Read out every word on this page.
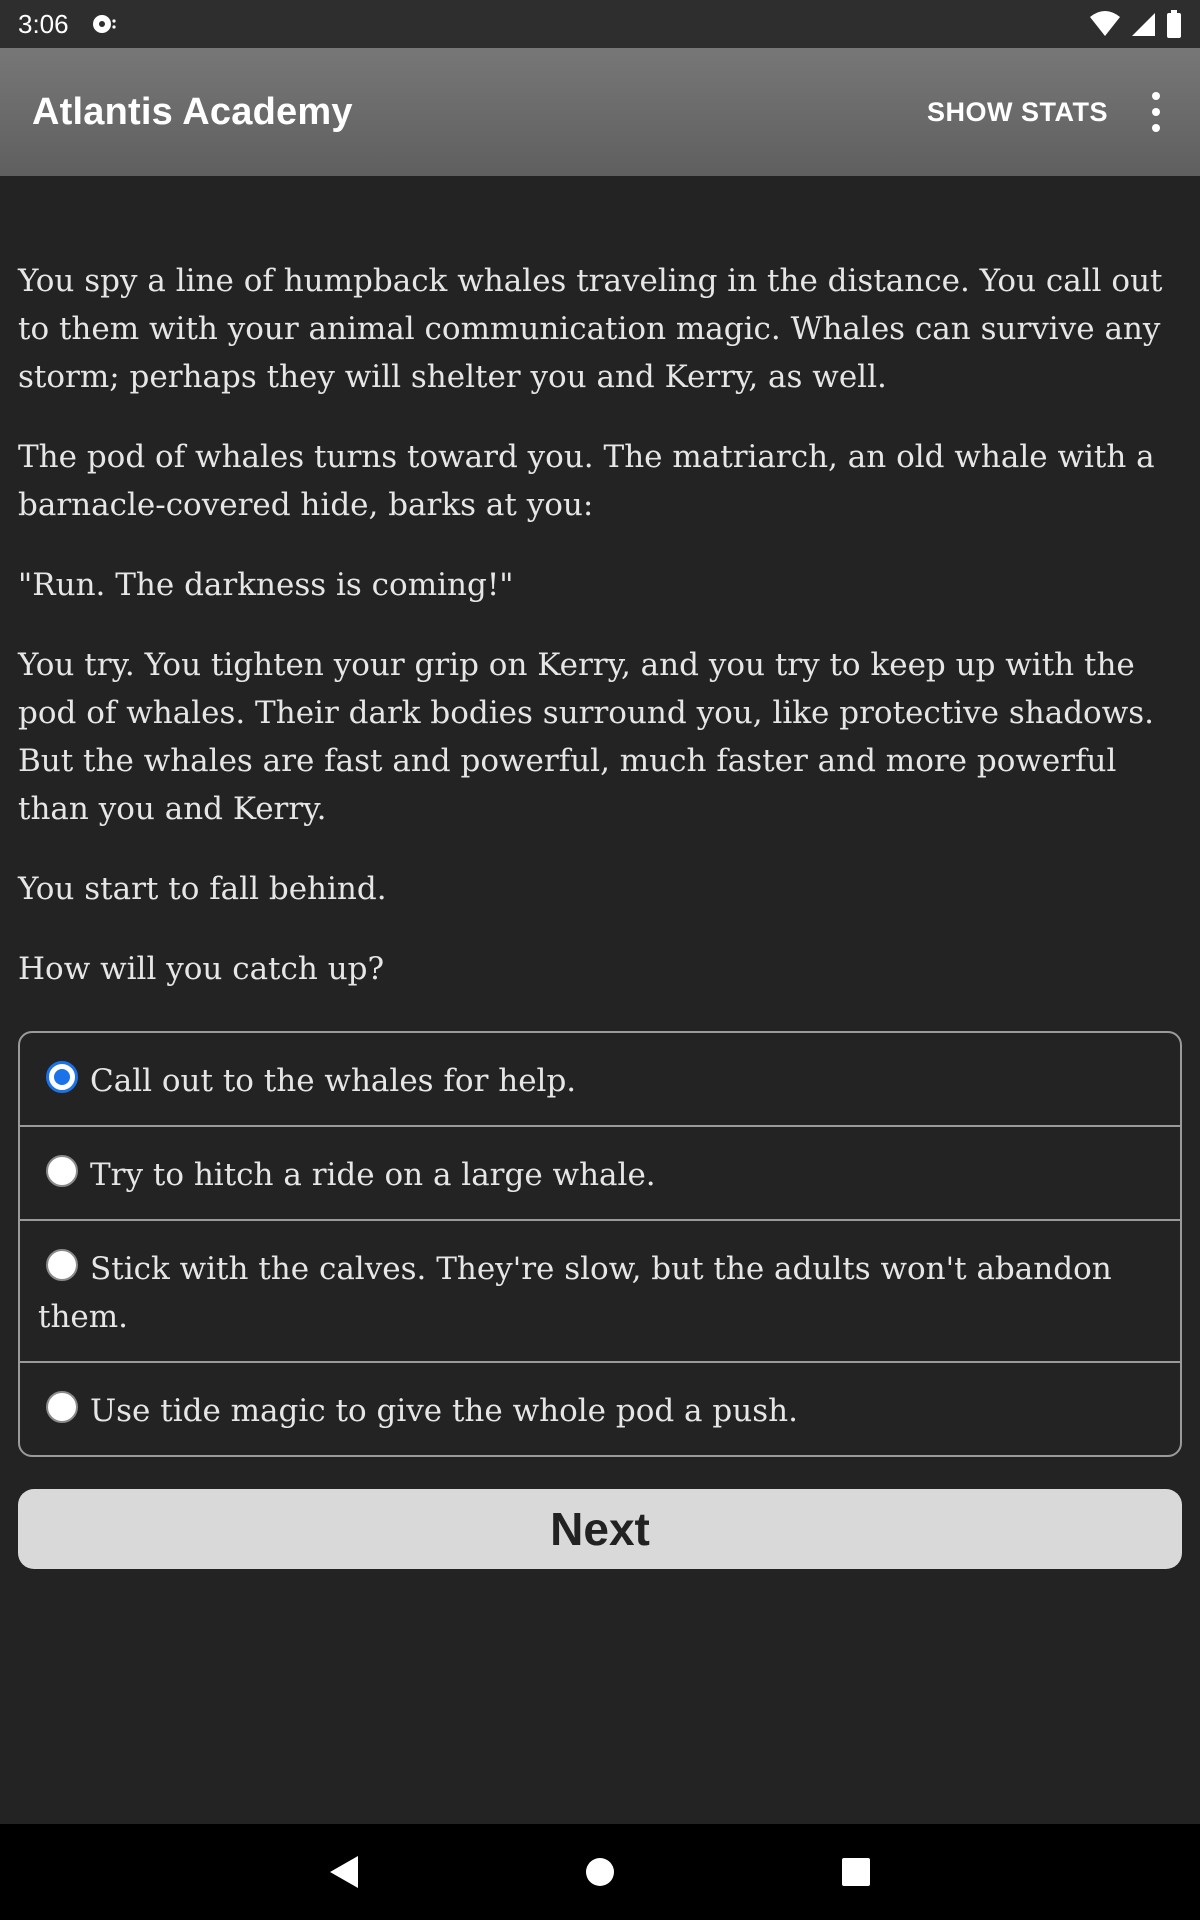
3:06
Atlantis Academy	SHOW STATS

You spy a line of humpback whales traveling in the distance. You call out to them with your animal communication magic. Whales can survive any storm; perhaps they will shelter you and Kerry, as well.

The pod of whales turns toward you. The matriarch, an old whale with a barnacle-covered hide, barks at you:

"Run. The darkness is coming!"

You try. You tighten your grip on Kerry, and you try to keep up with the pod of whales. Their dark bodies surround you, like protective shadows. But the whales are fast and powerful, much faster and more powerful than you and Kerry.

You start to fall behind.

How will you catch up?

Call out to the whales for help.
Try to hitch a ride on a large whale.
Stick with the calves. They're slow, but the adults won't abandon them.
Use tide magic to give the whole pod a push.
Next
